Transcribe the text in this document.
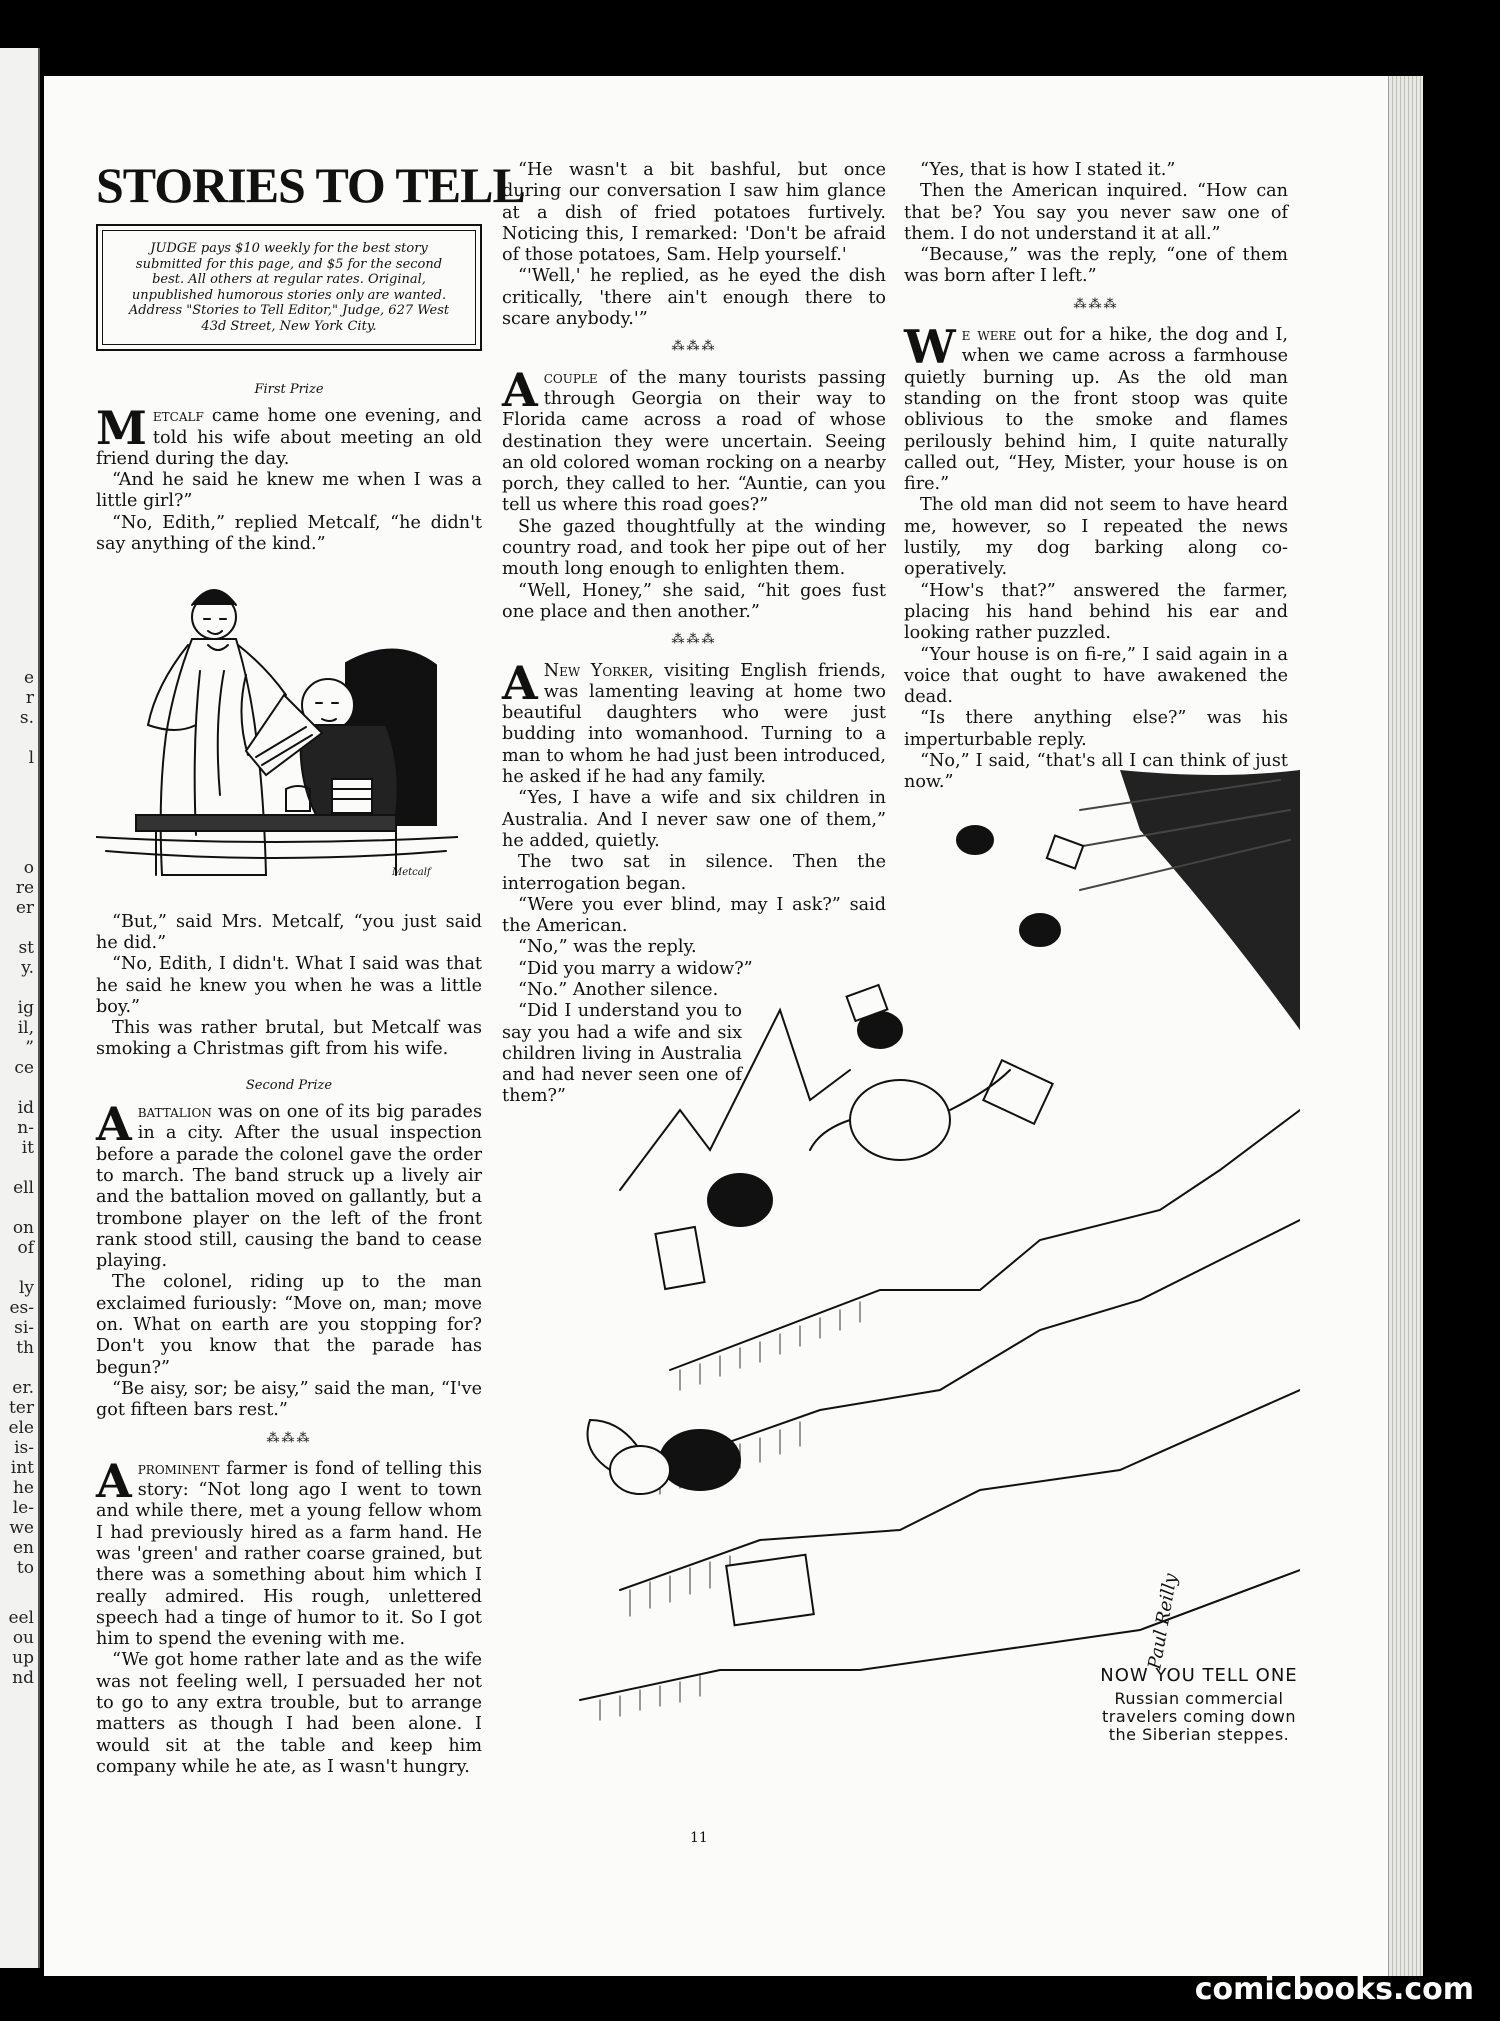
e
r
s.
l
o
re
er
st
y.
ig
il,
”
ce
id
n-
it
ell
on
of
ly
es-
si-
th
er.
ter
ele
is-
int
he
le-
we
en
to
eel
ou
up
nd
STORIES TO TELL
JUDGE pays $10 weekly for the best story submitted for this page, and $5 for the second best. All others at regular rates. Original, unpublished humorous stories only are wanted. Address "Stories to Tell Editor," Judge, 627 West 43d Street, New York City.
First Prize

Metcalf came home one evening, and told his wife about meeting an old friend during the day.

“And he said he knew me when I was a little girl?”

“No, Edith,” replied Metcalf, “he didn't say anything of the kind.”

Metcalf

“But,” said Mrs. Metcalf, “you just said he did.”

“No, Edith, I didn't. What I said was that he said he knew you when he was a little boy.”

This was rather brutal, but Metcalf was smoking a Christmas gift from his wife.

Second Prize

Abattalion was on one of its big parades in a city. After the usual inspection before a parade the colonel gave the order to march. The band struck up a lively air and the battalion moved on gallantly, but a trombone player on the left of the front rank stood still, causing the band to cease playing.

The colonel, riding up to the man exclaimed furiously: “Move on, man; move on. What on earth are you stopping for? Don't you know that the parade has begun?”

“Be aisy, sor; be aisy,” said the man, “I've got fifteen bars rest.”

⁂⁂⁂

Aprominent farmer is fond of telling this story: “Not long ago I went to town and while there, met a young fellow whom I had previously hired as a farm hand. He was 'green' and rather coarse grained, but there was a something about him which I really admired. His rough, unlettered speech had a tinge of humor to it. So I got him to spend the evening with me.

“We got home rather late and as the wife was not feeling well, I persuaded her not to go to any extra trouble, but to arrange matters as though I had been alone. I would sit at the table and keep him company while he ate, as I wasn't hungry.

“He wasn't a bit bashful, but once during our conversation I saw him glance at a dish of fried potatoes furtively. Noticing this, I remarked: 'Don't be afraid of those potatoes, Sam. Help yourself.'

“'Well,' he replied, as he eyed the dish critically, 'there ain't enough there to scare anybody.'”

⁂⁂⁂

Acouple of the many tourists passing through Georgia on their way to Florida came across a road of whose destination they were uncertain. Seeing an old colored woman rocking on a nearby porch, they called to her. “Auntie, can you tell us where this road goes?”

She gazed thoughtfully at the winding country road, and took her pipe out of her mouth long enough to enlighten them.

“Well, Honey,” she said, “hit goes fust one place and then another.”

⁂⁂⁂

A New Yorker, visiting English friends, was lamenting leaving at home two beautiful daughters who were just budding into womanhood. Turning to a man to whom he had just been introduced, he asked if he had any family.

“Yes, I have a wife and six children in Australia. And I never saw one of them,” he added, quietly.

The two sat in silence. Then the interrogation began.

“Were you ever blind, may I ask?” said the American.

“No,” was the reply.

“Did you marry a widow?”

“No.” Another silence.

“Did I understand you to say you had a wife and six children living in Australia and had never seen one of them?”

“Yes, that is how I stated it.”

Then the American inquired. “How can that be? You say you never saw one of them. I do not understand it at all.”

“Because,” was the reply, “one of them was born after I left.”

⁂⁂⁂

We were out for a hike, the dog and I, when we came across a farmhouse quietly burning up. As the old man standing on the front stoop was quite oblivious to the smoke and flames perilously behind him, I quite naturally called out, “Hey, Mister, your house is on fire.”

The old man did not seem to have heard me, however, so I repeated the news lustily, my dog barking along co-operatively.

“How's that?” answered the farmer, placing his hand behind his ear and looking rather puzzled.

“Your house is on fi-re,” I said again in a voice that ought to have awakened the dead.

“Is there anything else?” was his imperturbable reply.

“No,” I said, “that's all I can think of just now.”

Paul Reilly
NOW YOU TELL ONE
Russian commercial travelers coming down the Siberian steppes.
11
comicbooks.com
